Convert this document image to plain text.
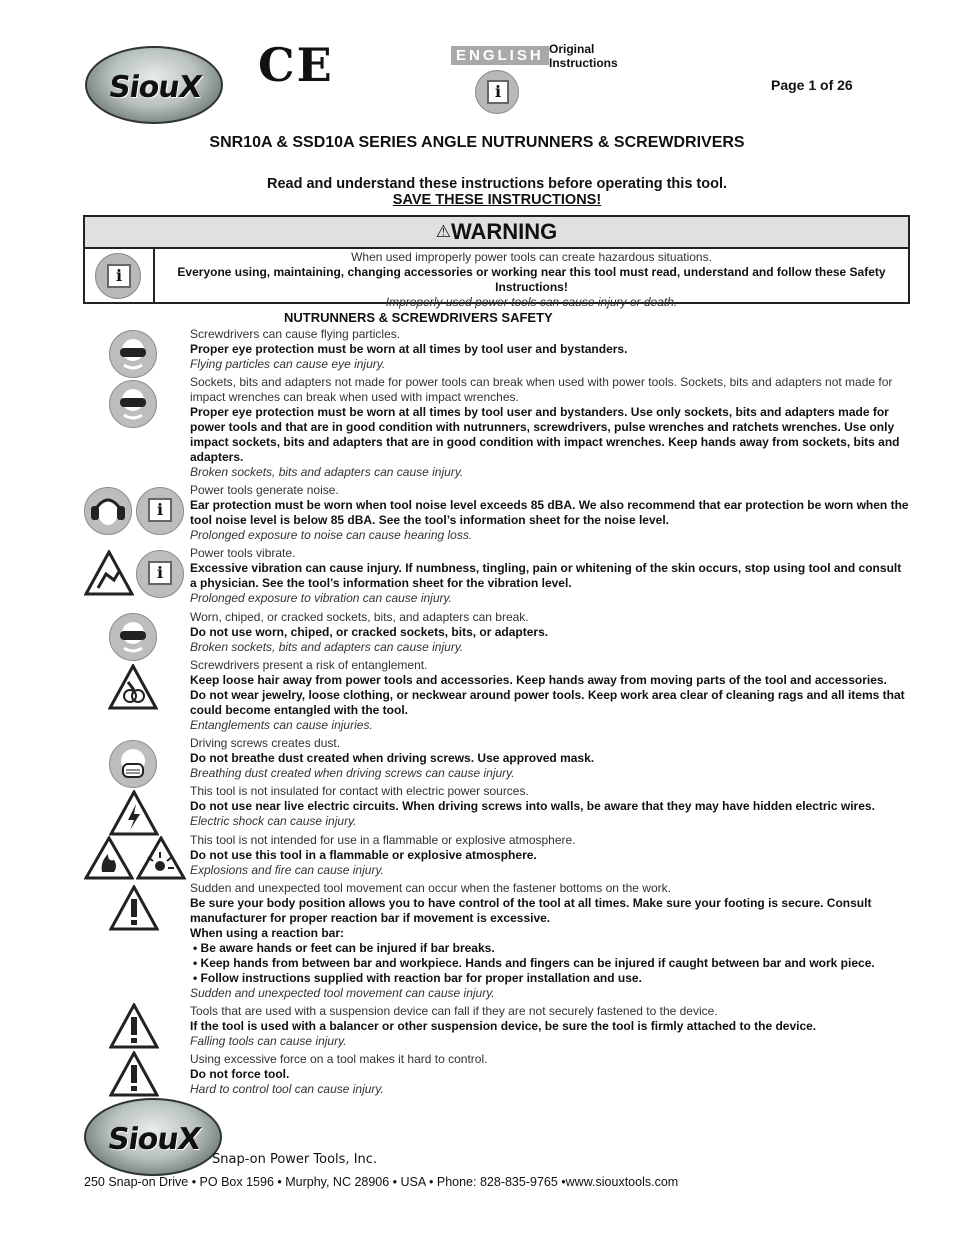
SiouX	CE	ENGLISH Original
Instructions
i	Page 1 of 26
SNR10A & SSD10A SERIES ANGLE NUTRUNNERS & SCREWDRIVERS
Read and understand these instructions before operating this tool.
SAVE THESE INSTRUCTIONS!
⚠WARNING
i
When used improperly power tools can create hazardous situations.
Everyone using, maintaining, changing accessories or working near this tool must read, understand and follow these Safety Instructions!
Improperly used power tools can cause injury or death.
NUTRUNNERS & SCREWDRIVERS SAFETY
Screwdrivers can cause flying particles.
Proper eye protection must be worn at all times by tool user and bystanders.
Flying particles can cause eye injury.
Sockets, bits and adapters not made for power tools can break when used with power tools. Sockets, bits and adapters not made for impact wrenches can break when used with impact wrenches.
Proper eye protection must be worn at all times by tool user and bystanders. Use only sockets, bits and adapters made for power tools and that are in good condition with nutrunners, screwdrivers, pulse wrenches and ratchets wrenches. Use only impact sockets, bits and adapters that are in good condition with impact wrenches. Keep hands away from sockets, bits and adapters.
Broken sockets, bits and adapters can cause injury.
Power tools generate noise.
Ear protection must be worn when tool noise level exceeds 85 dBA. We also recommend that ear protection be worn when the tool noise level is below 85 dBA. See the tool’s information sheet for the noise level.
Prolonged exposure to noise can cause hearing loss.
Power tools vibrate.
Excessive vibration can cause injury. If numbness, tingling, pain or whitening of the skin occurs, stop using tool and consult a physician. See the tool’s information sheet for the vibration level.
Prolonged exposure to vibration can cause injury.
Worn, chiped, or cracked sockets, bits, and adapters can break.
Do not use worn, chiped, or cracked sockets, bits, or adapters.
Broken sockets, bits and adapters can cause injury.
Screwdrivers present a risk of entanglement.
Keep loose hair away from power tools and accessories. Keep hands away from moving parts of the tool and accessories.
Do not wear jewelry, loose clothing, or neckwear around power tools. Keep work area clear of cleaning rags and all items that could become entangled with the tool.
Entanglements can cause injuries.
Driving screws creates dust.
Do not breathe dust created when driving screws. Use approved mask.
Breathing dust created when driving screws can cause injury.
This tool is not insulated for contact with electric power sources.
Do not use near live electric circuits. When driving screws into walls, be aware that they may have hidden electric wires.
Electric shock can cause injury.
This tool is not intended for use in a flammable or explosive atmosphere.
Do not use this tool in a flammable or explosive atmosphere.
Explosions and fire can cause injury.
Sudden and unexpected tool movement can occur when the fastener bottoms on the work.
Be sure your body position allows you to have control of the tool at all times. Make sure your footing is secure. Consult manufacturer for proper reaction bar if movement is excessive.
When using a reaction bar:
• Be aware hands or feet can be injured if bar breaks.
• Keep hands from between bar and workpiece. Hands and fingers can be injured if caught between bar and work piece.
• Follow instructions supplied with reaction bar for proper installation and use.
Sudden and unexpected tool movement can cause injury.
Tools that are used with a suspension device can fall if they are not securely fastened to the device.
If the tool is used with a balancer or other suspension device, be sure the tool is firmly attached to the device.
Falling tools can cause injury.
Using excessive force on a tool makes it hard to control.
Do not force tool.
Hard to control tool can cause injury.
i
i
SiouX
Snap-on Power Tools, Inc.
250 Snap-on Drive • PO Box 1596 • Murphy, NC 28906 • USA • Phone: 828-835-9765 •www.siouxtools.com
